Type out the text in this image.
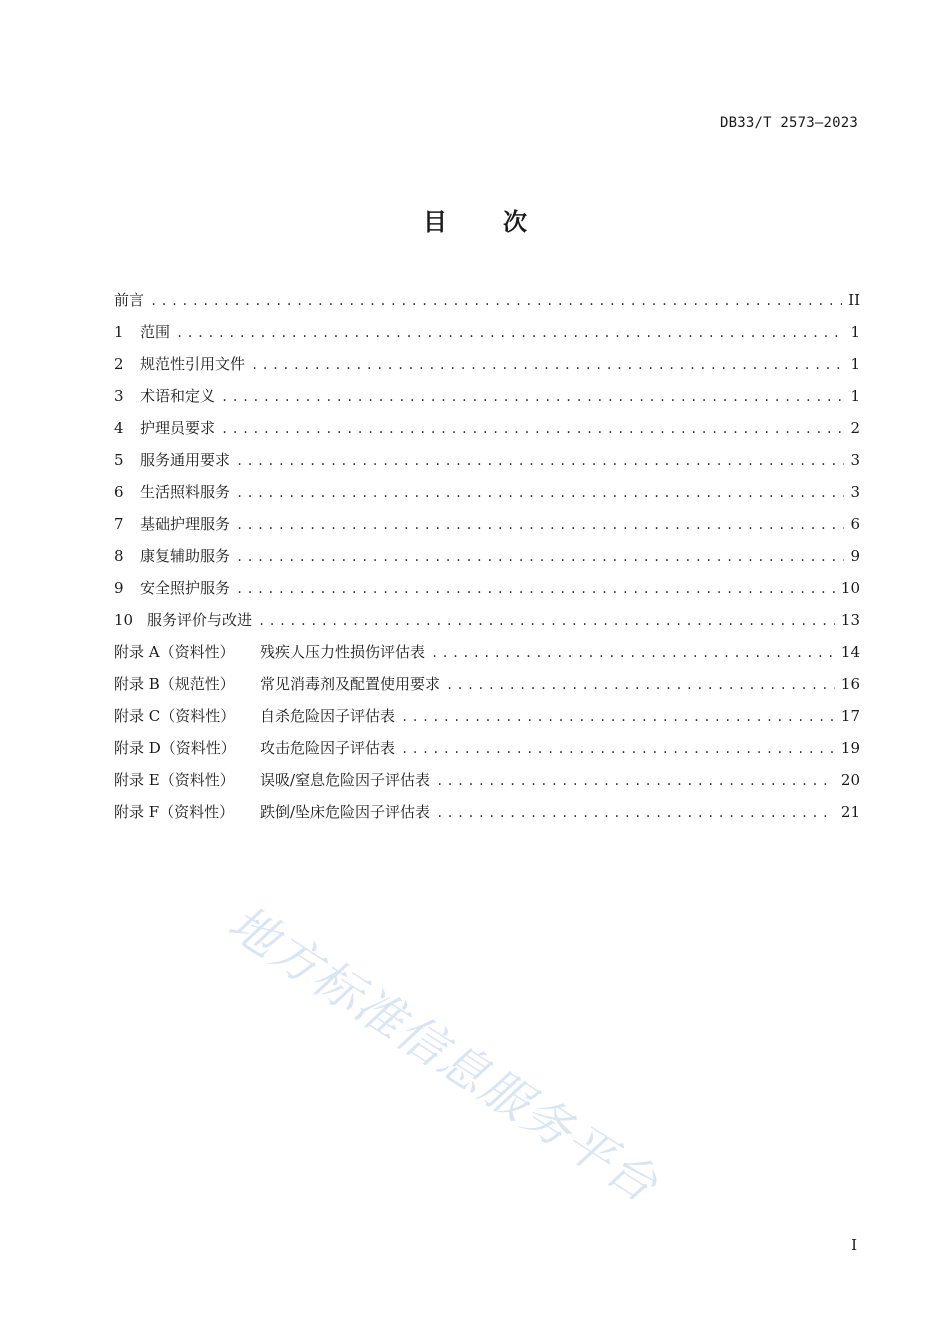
DB33/T 2573—2023
目次
前言 .....	II
1	范围 .....	1
2	规范性引用文件 .....	1
3	术语和定义 .....	1
4	护理员要求 .....	2
5	服务通用要求 .....	3
6	生活照料服务 .....	3
7	基础护理服务 .....	6
8	康复辅助服务 .....	9
9	安全照护服务 .....	10
10 服务评价与改进 .....	13
附录 A（资料性） 残疾人压力性损伤评估表 .....	14
附录 B（规范性） 常见消毒剂及配置使用要求 .....	16
附录 C（资料性） 自杀危险因子评估表 .....	17
附录 D（资料性） 攻击危险因子评估表 .....	19
附录 E（资料性） 误吸/窒息危险因子评估表 .....	20
附录 F（资料性） 跌倒/坠床危险因子评估表 .....	21
地方标准信息服务平台
I
